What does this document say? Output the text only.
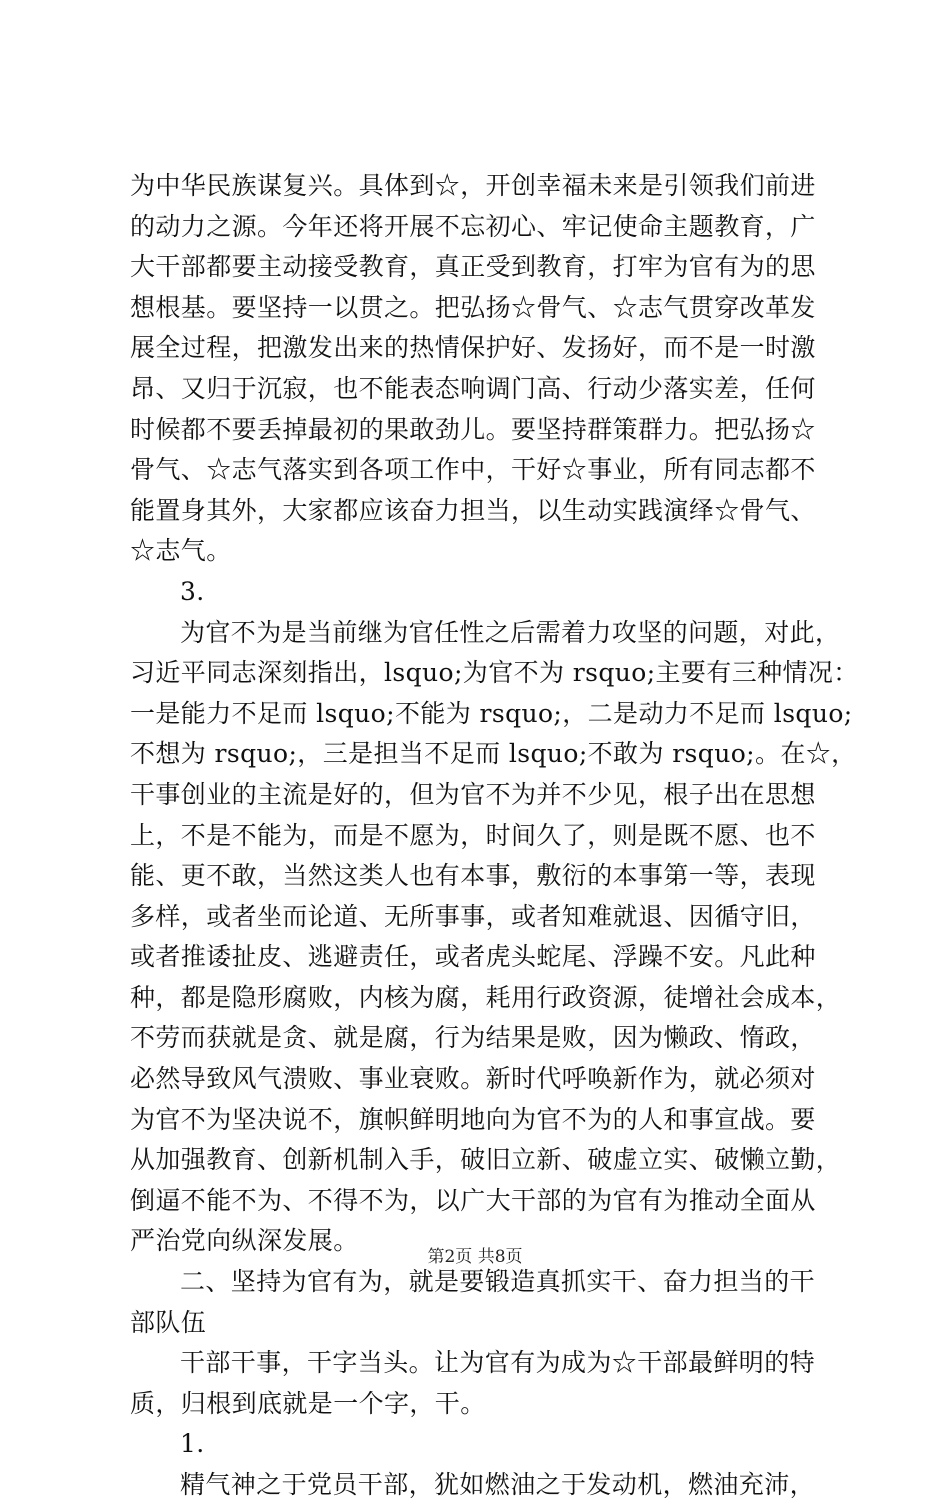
为中华民族谋复兴。具体到☆，开创幸福未来是引领我们前进
的动力之源。今年还将开展不忘初心、牢记使命主题教育，广
大干部都要主动接受教育，真正受到教育，打牢为官有为的思
想根基。要坚持一以贯之。把弘扬☆骨气、☆志气贯穿改革发
展全过程，把激发出来的热情保护好、发扬好，而不是一时激
昂、又归于沉寂，也不能表态响调门高、行动少落实差，任何
时候都不要丢掉最初的果敢劲儿。要坚持群策群力。把弘扬☆
骨气、☆志气落实到各项工作中，干好☆事业，所有同志都不
能置身其外，大家都应该奋力担当，以生动实践演绎☆骨气、
☆志气。
3.
为官不为是当前继为官任性之后需着力攻坚的问题，对此，
习近平同志深刻指出，lsquo;为官不为 rsquo;主要有三种情况：
一是能力不足而 lsquo;不能为 rsquo;，二是动力不足而 lsquo;
不想为 rsquo;，三是担当不足而 lsquo;不敢为 rsquo;。在☆，
干事创业的主流是好的，但为官不为并不少见，根子出在思想
上，不是不能为，而是不愿为，时间久了，则是既不愿、也不
能、更不敢，当然这类人也有本事，敷衍的本事第一等，表现
多样，或者坐而论道、无所事事，或者知难就退、因循守旧，
或者推诿扯皮、逃避责任，或者虎头蛇尾、浮躁不安。凡此种
种，都是隐形腐败，内核为腐，耗用行政资源，徒增社会成本，
不劳而获就是贪、就是腐，行为结果是败，因为懒政、惰政，
必然导致风气溃败、事业衰败。新时代呼唤新作为，就必须对
为官不为坚决说不，旗帜鲜明地向为官不为的人和事宣战。要
从加强教育、创新机制入手，破旧立新、破虚立实、破懒立勤，
倒逼不能不为、不得不为，以广大干部的为官有为推动全面从
严治党向纵深发展。
二、坚持为官有为，就是要锻造真抓实干、奋力担当的干
部队伍
干部干事，干字当头。让为官有为成为☆干部最鲜明的特
质，归根到底就是一个字，干。
1.
精气神之于党员干部，犹如燃油之于发动机，燃油充沛，
第2页 共8页
